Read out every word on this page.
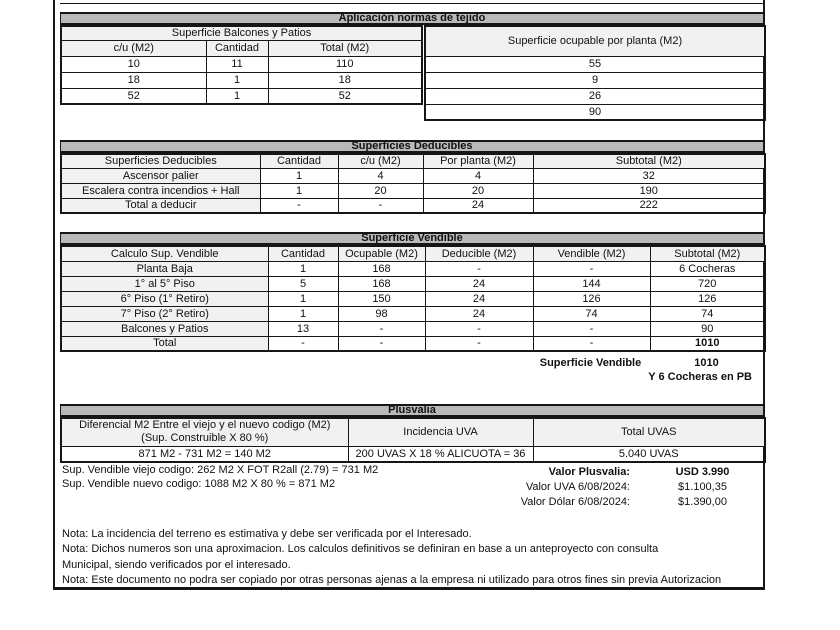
Aplicación normas de tejido
Superficie Balcones y Patios		
c/u (M2)	Cantidad	Total (M2)
10	11	110
18	1	18
52	1	52
Superficie ocupable por planta (M2)
55
9
26
90
Superficies Deducibles
Superficies Deducibles	Cantidad	c/u (M2)	Por planta (M2)	Subtotal (M2)
Ascensor palier	1	4	4	32
Escalera contra incendios + Hall	1	20	20	190
Total a deducir	-	-	24	222
Superficie Vendible
Calculo Sup. Vendible	Cantidad	Ocupable (M2)	Deducible (M2)	Vendible (M2)	Subtotal (M2)
Planta Baja	1	168	-	-	6 Cocheras
1° al 5° Piso	5	168	24	144	720
6° Piso (1° Retiro)	1	150	24	126	126
7° Piso (2° Retiro)	1	98	24	74	74
Balcones y Patios	13	-	-	-	90
Total	-	-	-	-	1010
Superficie Vendible	1010
Y 6 Cocheras en PB
Plusvalia
Diferencial M2 Entre el viejo y el nuevo codigo (M2)
(Sup. Construible X 80 %)	Incidencia UVA	Total UVAS
871 M2 - 731 M2 = 140 M2	200 UVAS X 18 % ALICUOTA = 36	5.040 UVAS
Sup. Vendible viejo codigo: 262 M2 X FOT R2all (2.79) = 731 M2
Sup. Vendible nuevo codigo: 1088 M2 X 80 % = 871 M2
Valor Plusvalia:	USD 3.990
Valor UVA 6/08/2024:	$1.100,35
Valor Dólar 6/08/2024:	$1.390,00
Nota: La incidencia del terreno es estimativa y debe ser verificada por el Interesado.
Nota: Dichos numeros son una aproximacion. Los calculos definitivos se definiran en base a un anteproyecto con consulta
Municipal, siendo verificados por el interesado.
Nota: Este documento no podra ser copiado por otras personas ajenas a la empresa ni utilizado para otros fines sin previa Autorizacion
